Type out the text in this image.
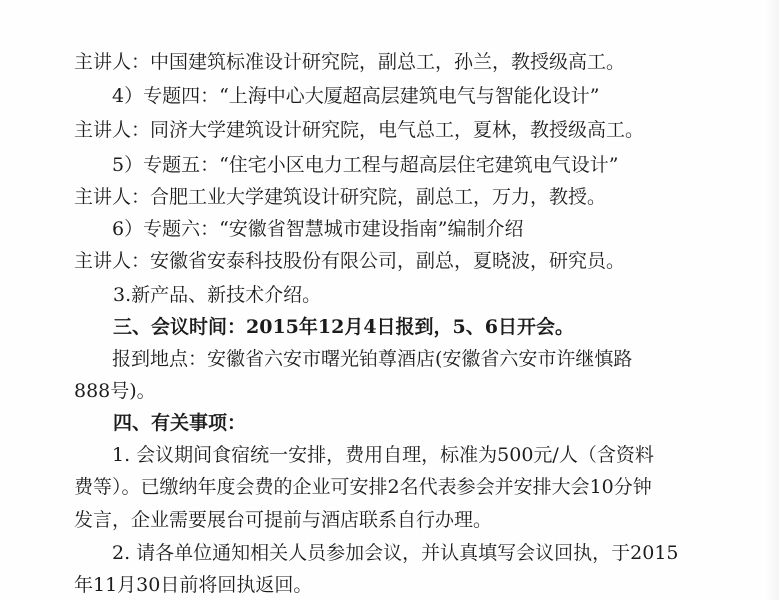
主讲人：中国建筑标准设计研究院，副总工，孙兰，教授级高工。
4）专题四：“上海中心大厦超高层建筑电气与智能化设计”
主讲人：同济大学建筑设计研究院，电气总工，夏林，教授级高工。
5）专题五：“住宅小区电力工程与超高层住宅建筑电气设计”
主讲人：合肥工业大学建筑设计研究院，副总工，万力，教授。
6）专题六：“安徽省智慧城市建设指南”编制介绍
主讲人：安徽省安泰科技股份有限公司，副总，夏晓波，研究员。
3.新产品、新技术介绍。
三、会议时间：2015年12月4日报到，5、6日开会。
报到地点：安徽省六安市曙光铂尊酒店(安徽省六安市许继慎路
888号)。
四、有关事项：
1. 会议期间食宿统一安排，费用自理，标准为500元/人（含资料
费等）。已缴纳年度会费的企业可安排2名代表参会并安排大会10分钟
发言，企业需要展台可提前与酒店联系自行办理。
2. 请各单位通知相关人员参加会议，并认真填写会议回执，于2015
年11月30日前将回执返回。
